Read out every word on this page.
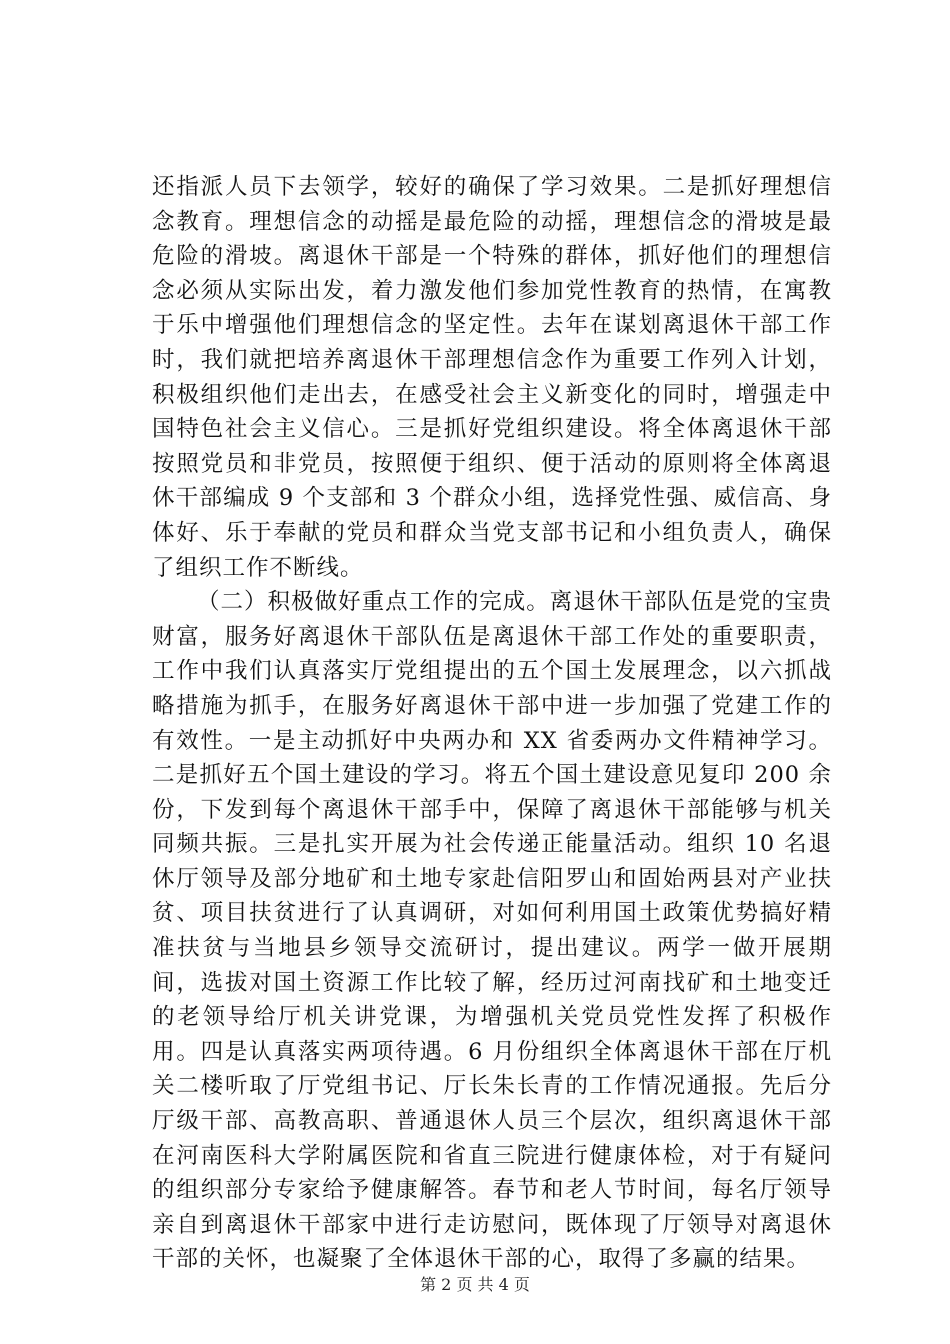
还指派人员下去领学，较好的确保了学习效果。二是抓好理想信念教育。理想信念的动摇是最危险的动摇，理想信念的滑坡是最危险的滑坡。离退休干部是一个特殊的群体，抓好他们的理想信念必须从实际出发，着力激发他们参加党性教育的热情，在寓教于乐中增强他们理想信念的坚定性。去年在谋划离退休干部工作时，我们就把培养离退休干部理想信念作为重要工作列入计划，积极组织他们走出去，在感受社会主义新变化的同时，增强走中国特色社会主义信心。三是抓好党组织建设。将全体离退休干部按照党员和非党员，按照便于组织、便于活动的原则将全体离退休干部编成 9 个支部和 3 个群众小组，选择党性强、威信高、身体好、乐于奉献的党员和群众当党支部书记和小组负责人，确保了组织工作不断线。

（二）积极做好重点工作的完成。离退休干部队伍是党的宝贵财富，服务好离退休干部队伍是离退休干部工作处的重要职责，工作中我们认真落实厅党组提出的五个国土发展理念，以六抓战略措施为抓手，在服务好离退休干部中进一步加强了党建工作的有效性。一是主动抓好中央两办和 XX 省委两办文件精神学习。二是抓好五个国土建设的学习。将五个国土建设意见复印 200 余份，下发到每个离退休干部手中，保障了离退休干部能够与机关同频共振。三是扎实开展为社会传递正能量活动。组织 10 名退休厅领导及部分地矿和土地专家赴信阳罗山和固始两县对产业扶贫、项目扶贫进行了认真调研，对如何利用国土政策优势搞好精准扶贫与当地县乡领导交流研讨，提出建议。两学一做开展期间，选拔对国土资源工作比较了解，经历过河南找矿和土地变迁的老领导给厅机关讲党课，为增强机关党员党性发挥了积极作用。四是认真落实两项待遇。6 月份组织全体离退休干部在厅机关二楼听取了厅党组书记、厅长朱长青的工作情况通报。先后分厅级干部、高教高职、普通退休人员三个层次，组织离退休干部在河南医科大学附属医院和省直三院进行健康体检，对于有疑问的组织部分专家给予健康解答。春节和老人节时间，每名厅领导亲自到离退休干部家中进行走访慰问，既体现了厅领导对离退休干部的关怀，也凝聚了全体退休干部的心，取得了多赢的结果。

第 2 页 共 4 页
